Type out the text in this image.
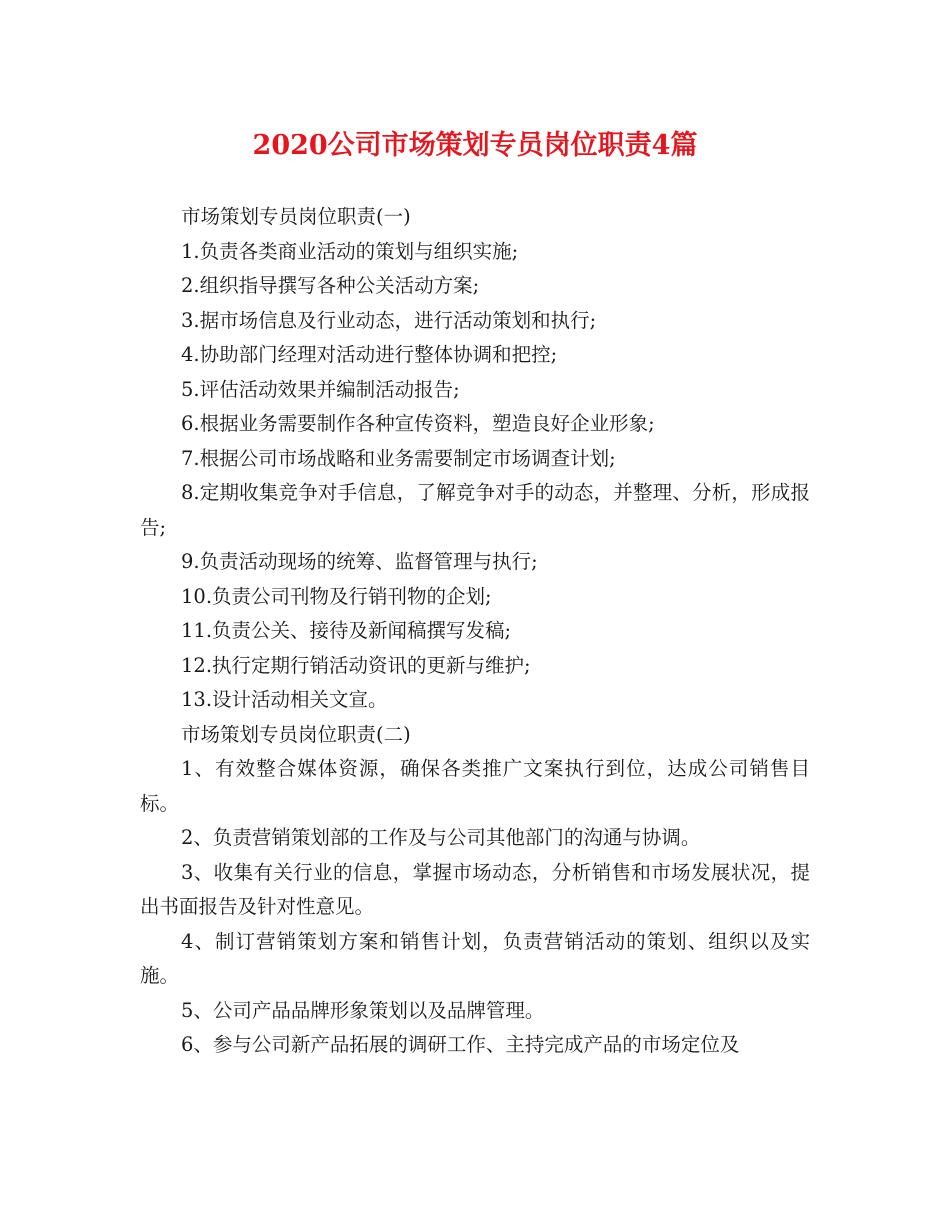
2020公司市场策划专员岗位职责4篇

市场策划专员岗位职责(一)

1.负责各类商业活动的策划与组织实施;

2.组织指导撰写各种公关活动方案;

3.据市场信息及行业动态，进行活动策划和执行;

4.协助部门经理对活动进行整体协调和把控;

5.评估活动效果并编制活动报告;

6.根据业务需要制作各种宣传资料，塑造良好企业形象;

7.根据公司市场战略和业务需要制定市场调查计划;

8.定期收集竞争对手信息，了解竞争对手的动态，并整理、分析，形成报告;

9.负责活动现场的统筹、监督管理与执行;

10.负责公司刊物及行销刊物的企划;

11.负责公关、接待及新闻稿撰写发稿;

12.执行定期行销活动资讯的更新与维护;

13.设计活动相关文宣。

市场策划专员岗位职责(二)

1、有效整合媒体资源，确保各类推广文案执行到位，达成公司销售目标。

2、负责营销策划部的工作及与公司其他部门的沟通与协调。

3、收集有关行业的信息，掌握市场动态，分析销售和市场发展状况，提出书面报告及针对性意见。

4、制订营销策划方案和销售计划，负责营销活动的策划、组织以及实施。

5、公司产品品牌形象策划以及品牌管理。

6、参与公司新产品拓展的调研工作、主持完成产品的市场定位及
